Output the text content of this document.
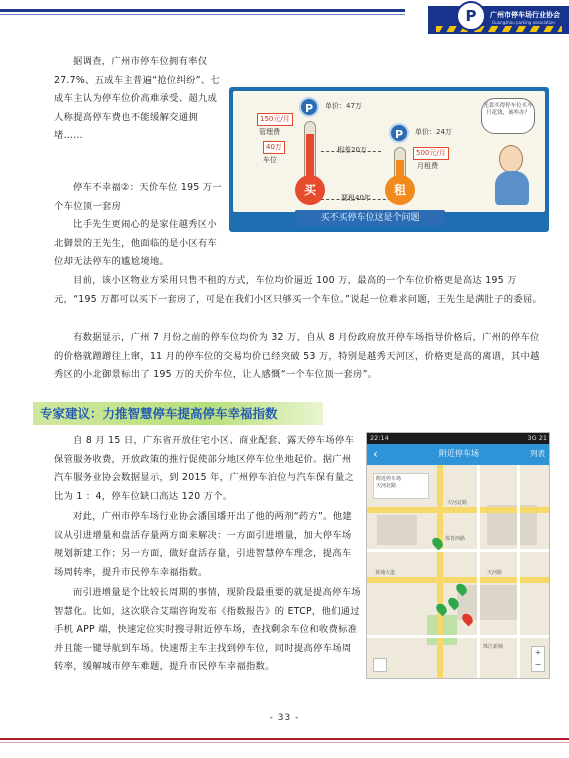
P	广州市停车场行业协会
Guangzhou parking association
据调查，广州市停车位拥有率仅27.7%、五成车主普遍“抢位纠纷”、七成车主认为停车位价高难承受、超九成人称提高停车费也不能缓解交通拥堵……
停车不幸福②：天价车位 195 万一个车位顶一套房
比手先生更闹心的是家住越秀区小北御景的王先生，他面临的是小区有车位却无法停车的尴尬境地。
P
买
单价：47万
150元/月
管理费
40万
车位
相差20万
要租40年
P
租
单价：24万
500元/月
月租费
光靠买得停车位买车只花钱，该咋办？
买不买停车位这是个问题
目前，该小区物业方采用只售不租的方式，车位均价逼近 100 万，最高的一个车位价格更是高达 195 万元，“195 万都可以买下一套房了，可是在我们小区只够买一个车位。”说起一位难求问题，王先生是满肚子的委屈。
有数据显示，广州 7 月份之前的停车位均价为 32 万，自从 8 月份政府放开停车场指导价格后，广州的停车位的价格就蹭蹭往上窜，11 月的停车位的交易均价已经突破 53 万，特别是越秀天河区，价格更是高的离谱，其中越秀区的小北御景标出了 195 万的天价车位，让人感慨“一个车位顶一套房”。
专家建议：力推智慧停车提高停车幸福指数
自 8 月 15 日，广东省开放住宅小区、商业配套、露天停车场停车保管服务收费，开放政策的推行促使部分地区停车位坐地起价。据广州汽车服务业协会数据显示，到 2015 年，广州停车泊位与汽车保有量之比为 1 ：4，停车位缺口高达 120 万个。
对此，广州市停车场行业协会潘国璠开出了他的两剂“药方”。他建议从引进增量和盘活存量两方面来解决：一方面引进增量，加大停车场规划新建工作；另一方面，做好盘活存量，引进智慧停车理念，提高车场周转率，提升市民停车幸福指数。
而引进增量是个比较长周期的事情，现阶段最重要的就是提高停车场智慧化。比如，这次联合艾瑞咨询发布《指数报告》的 ETCP，他们通过手机 APP 端，快速定位实时搜寻附近停车场，查找剩余车位和收费标准并且能一键导航到车场。快速帮主车主找到停车位，同时提高停车场周转率，缓解城市停车难题，提升市民停车幸福指数。
22:14	3G 21
‹	附近停车场	列表
天河北路
天河路
黄埔大道
体育西路
珠江新城
附近停车场
天河北路
+
−
- 33 -
